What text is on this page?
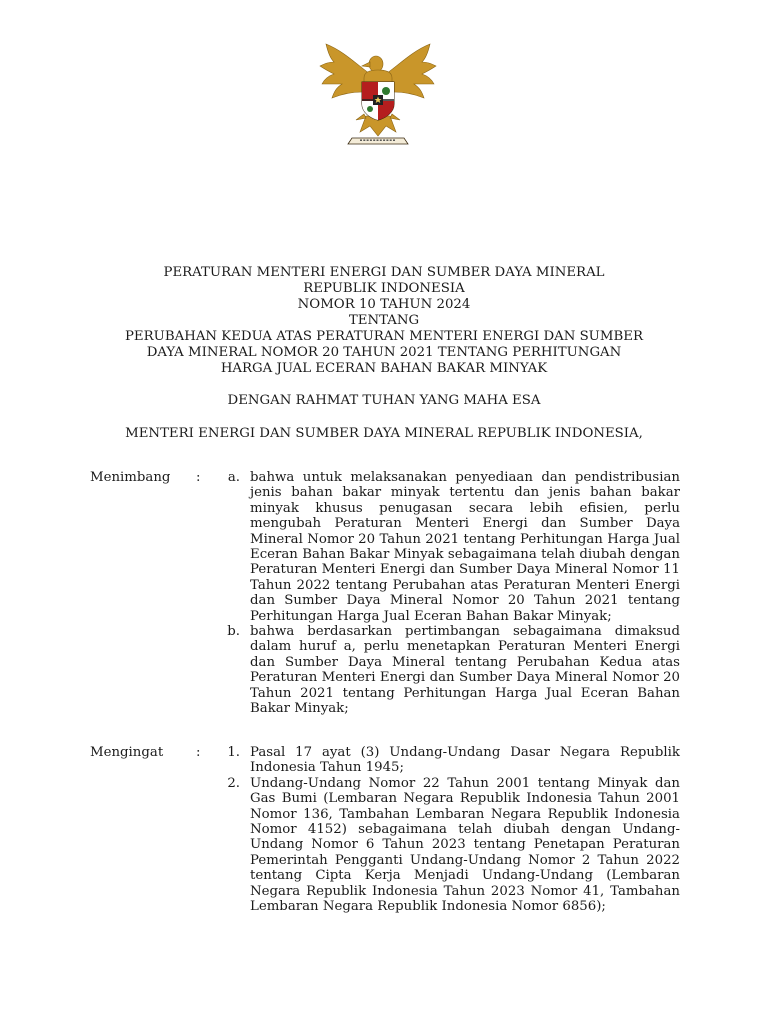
PERATURAN MENTERI ENERGI DAN SUMBER DAYA MINERAL
REPUBLIK INDONESIA
NOMOR 10 TAHUN 2024
TENTANG
PERUBAHAN KEDUA ATAS PERATURAN MENTERI ENERGI DAN SUMBER
DAYA MINERAL NOMOR 20 TAHUN 2021 TENTANG PERHITUNGAN
HARGA JUAL ECERAN BAHAN BAKAR MINYAK
DENGAN RAHMAT TUHAN YANG MAHA ESA
MENTERI ENERGI DAN SUMBER DAYA MINERAL REPUBLIK INDONESIA,
Menimbang :	a. bahwa untuk melaksanakan penyediaan dan pendistribusian jenis bahan bakar minyak tertentu dan jenis bahan bakar minyak khusus penugasan secara lebih efisien, perlu mengubah Peraturan Menteri Energi dan Sumber Daya Mineral Nomor 20 Tahun 2021 tentang Perhitungan Harga Jual Eceran Bahan Bakar Minyak sebagaimana telah diubah dengan Peraturan Menteri Energi dan Sumber Daya Mineral Nomor 11 Tahun 2022 tentang Perubahan atas Peraturan Menteri Energi dan Sumber Daya Mineral Nomor 20 Tahun 2021 tentang Perhitungan Harga Jual Eceran Bahan Bakar Minyak;
b. bahwa berdasarkan pertimbangan sebagaimana dimaksud dalam huruf a, perlu menetapkan Peraturan Menteri Energi dan Sumber Daya Mineral tentang Perubahan Kedua atas Peraturan Menteri Energi dan Sumber Daya Mineral Nomor 20 Tahun 2021 tentang Perhitungan Harga Jual Eceran Bahan Bakar Minyak;
Mengingat :	1. Pasal 17 ayat (3) Undang-Undang Dasar Negara Republik Indonesia Tahun 1945;
2. Undang-Undang Nomor 22 Tahun 2001 tentang Minyak dan Gas Bumi (Lembaran Negara Republik Indonesia Tahun 2001 Nomor 136, Tambahan Lembaran Negara Republik Indonesia Nomor 4152) sebagaimana telah diubah dengan Undang-Undang Nomor 6 Tahun 2023 tentang Penetapan Peraturan Pemerintah Pengganti Undang-Undang Nomor 2 Tahun 2022 tentang Cipta Kerja Menjadi Undang-Undang (Lembaran Negara Republik Indonesia Tahun 2023 Nomor 41, Tambahan Lembaran Negara Republik Indonesia Nomor 6856);
